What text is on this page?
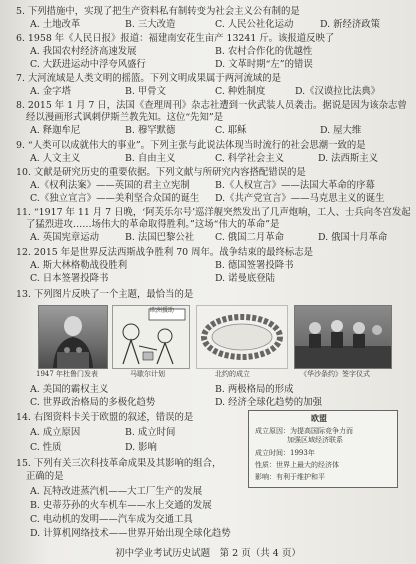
5. 下列措施中，实现了把生产资料私有制转变为社会主义公有制的是
A. 土地改革	B. 三大改造	C. 人民公社化运动	D. 新经济政策
6. 1958 年《人民日报》报道：福建南安花生亩产 13241 斤。该报道反映了
A. 我国农村经济高速发展	B. 农村合作化的优越性
C. 大跃进运动中浮夸风盛行	D. 文革时期“左”的错误
7. 大河流域是人类文明的摇篮。下列文明成果属于两河流域的是
A. 金字塔	B. 甲骨文	C. 种姓制度	D.《汉谟拉比法典》
8. 2015 年 1 月 7 日，法国《查理周刊》杂志社遭到一伙武装人员袭击。据说是因为该杂志曾
经以漫画形式讽刺伊斯兰教先知。这位“先知”是
A. 释迦牟尼	B. 穆罕默德	C. 耶稣	D. 屋大维
9. “人类可以成就伟大的事业”。下列主张与此说法体现当时流行的社会思潮一致的是
A. 人文主义	B. 自由主义	C. 科学社会主义	D. 法西斯主义
10. 文献是研究历史的重要依据。下列文献与所研究内容搭配错误的是
A.《权利法案》——英国的君主立宪制	B.《人权宣言》——法国大革命的序幕
C.《独立宣言》——美利坚合众国的诞生 D.《共产党宣言》——马克思主义的诞生
11. “1917 年 11 月 7 日晚，‘阿芙乐尔号’巡洋舰突然发出了几声炮响，工人、士兵向冬宫发起
了猛烈进攻……场伟大的革命取得胜利。”这场“伟大的革命”是
A. 英国宪章运动	B. 法国巴黎公社 C. 俄国二月革命	D. 俄国十月革命
12. 2015 年是世界反法西斯战争胜利 70 周年。战争结束的最终标志是
A. 斯大林格勒战役胜利	B. 德国签署投降书
C. 日本签署投降书	D. 诺曼底登陆
13. 下列图片反映了一个主题，最恰当的是
1947 年杜鲁门发表
欧洲援助
马歇尔计划	北约的成立	《华沙条约》签字仪式
A. 美国的霸权主义	B. 两极格局的形成
C. 世界政治格局的多极化趋势	D. 经济全球化趋势的加强
14. 右图资料卡关于欧盟的叙述，错误的是
A. 成立原因	B. 成立时间
C. 性质	D. 影响
欧盟
成立原因：为提高国际竞争力而
加强区域经济联系
成立时间：1993年
性质：世界上最大的经济体
影响：有利于维护和平
15. 下列有关三次科技革命成果及其影响的组合，
正确的是
A. 瓦特改进蒸汽机——大工厂生产的发展
B. 史蒂芬孙的火车机车——水上交通的发展
C. 电动机的发明——汽车成为交通工具
D. 计算机网络技术——世界开始出现全球化趋势
初中学业考试历史试题　第 2 页（共 4 页）
